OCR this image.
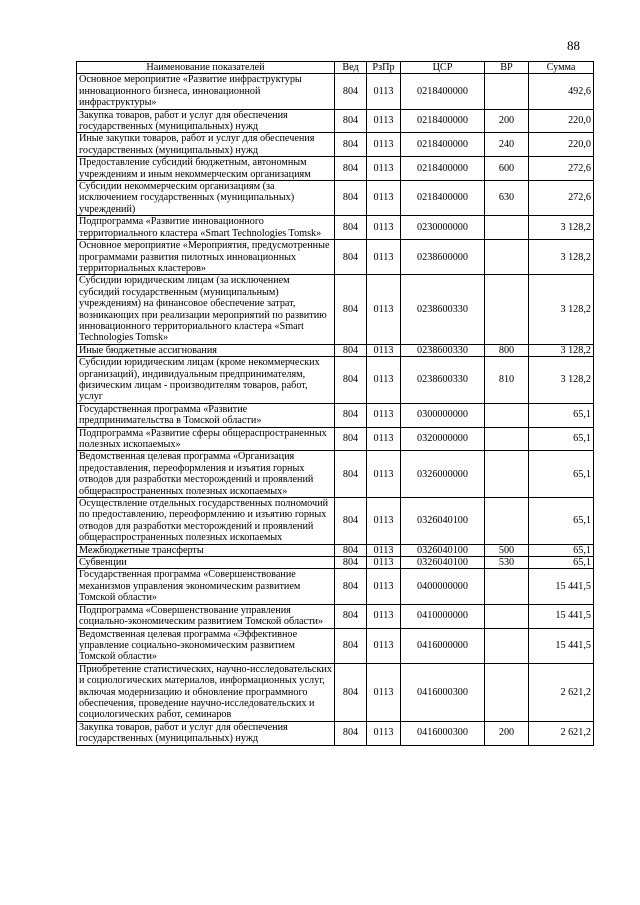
88
Наименование показателей	Вед	РзПр	ЦСР	ВР	Сумма
Основное мероприятие «Развитие инфраструктуры инновационного бизнеса, инновационной инфраструктуры»	804	0113	0218400000		492,6
Закупка товаров, работ и услуг для обеспечения государственных (муниципальных) нужд	804	0113	0218400000	200	220,0
Иные закупки товаров, работ и услуг для обеспечения государственных (муниципальных) нужд	804	0113	0218400000	240	220,0
Предоставление субсидий бюджетным, автономным учреждениям и иным некоммерческим организациям	804	0113	0218400000	600	272,6
Субсидии некоммерческим организациям (за исключением государственных (муниципальных) учреждений)	804	0113	0218400000	630	272,6
Подпрограмма «Развитие инновационного территориального кластера «Smart Technologies Tomsk»	804	0113	0230000000		3 128,2
Основное мероприятие «Мероприятия, предусмотренные программами развития пилотных инновационных территориальных кластеров»	804	0113	0238600000		3 128,2
Субсидии юридическим лицам (за исключением субсидий государственным (муниципальным) учреждениям) на финансовое обеспечение затрат, возникающих при реализации мероприятий по развитию инновационного территориального кластера «Smart Technologies Tomsk»	804	0113	0238600330		3 128,2
Иные бюджетные ассигнования	804	0113	0238600330	800	3 128,2
Субсидии юридическим лицам (кроме некоммерческих организаций), индивидуальным предпринимателям, физическим лицам - производителям товаров, работ, услуг	804	0113	0238600330	810	3 128,2
Государственная программа «Развитие предпринимательства в Томской области»	804	0113	0300000000		65,1
Подпрограмма «Развитие сферы общераспространенных полезных ископаемых»	804	0113	0320000000		65,1
Ведомственная целевая программа «Организация предоставления, переоформления и изъятия горных отводов для разработки месторождений и проявлений общераспространенных полезных ископаемых»	804	0113	0326000000		65,1
Осуществление отдельных государственных полномочий по предоставлению, переоформлению и изъятию горных отводов для разработки месторождений и проявлений общераспространенных полезных ископаемых	804	0113	0326040100		65,1
Межбюджетные трансферты	804	0113	0326040100	500	65,1
Субвенции	804	0113	0326040100	530	65,1
Государственная программа «Совершенствование механизмов управления экономическим развитием Томской области»	804	0113	0400000000		15 441,5
Подпрограмма «Совершенствование управления социально-экономическим развитием Томской области»	804	0113	0410000000		15 441,5
Ведомственная целевая программа «Эффективное управление социально-экономическим развитием Томской области»	804	0113	0416000000		15 441,5
Приобретение статистических, научно-исследовательских и социологических материалов, информационных услуг, включая модернизацию и обновление программного обеспечения, проведение научно-исследовательских и социологических работ, семинаров	804	0113	0416000300		2 621,2
Закупка товаров, работ и услуг для обеспечения государственных (муниципальных) нужд	804	0113	0416000300	200	2 621,2
